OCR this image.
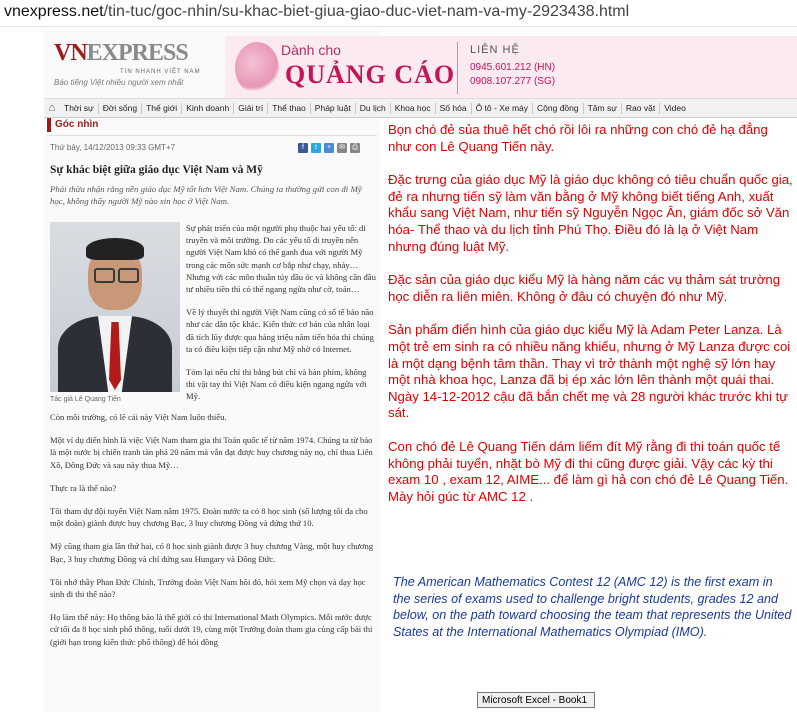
vnexpress.net/tin-tuc/goc-nhin/su-khac-biet-giua-giao-duc-viet-nam-va-my-2923438.html
VNEXPRESS
TIN NHANH VIỆT NAM
Báo tiếng Việt nhiều người xem nhất
Dành cho
QUẢNG CÁO
LIÊN HỆ
0945.601.212 (HN)
0908.107.277 (SG)
⌂	Thời sự	Đời sống	Thế giới	Kinh doanh	Giải trí	Thể thao	Pháp luật	Du lịch	Khoa học	Số hóa	Ô tô - Xe máy	Cộng đồng	Tâm sự	Rao vặt	Video
Góc nhìn
Thứ bảy, 14/12/2013 09:33 GMT+7	f	t	+	✉	⎙
Sự khác biệt giữa giáo dục Việt Nam và Mỹ
Phải thừa nhận rằng nền giáo dục Mỹ tốt hơn Việt Nam. Chúng ta thường gửi con đi Mỹ học, không thấy người Mỹ nào xin học ở Việt Nam.
Tác giả Lê Quang Tiến

Sự phát triển của một người phụ thuộc hai yếu tố: di truyền và môi trường. Do các yếu tố di truyền nên người Việt Nam khó có thể ganh đua với người Mỹ trong các môn sức mạnh cơ bắp như chạy, nhảy… Nhưng với các môn thuần túy đầu óc và không cần đầu tư nhiều tiền thì có thể ngang ngửa như cờ, toán…

Về lý thuyết thì người Việt Nam cũng có số tế bào não như các dân tộc khác. Kiến thức cơ bản của nhân loại đã tích lũy được qua hàng triệu năm tiến hóa thì chúng ta có điều kiện tiếp cận như Mỹ nhờ có Internet.

Tóm lại nếu chỉ thi bằng bút chì và bàn phím, không thi vật tay thì Việt Nam có điều kiện ngang ngửa với Mỹ.

Còn môi trường, có lẽ cái này Việt Nam luôn thiếu.

Một ví dụ điển hình là việc Việt Nam tham gia thi Toán quốc tế từ năm 1974. Chúng ta từ bảo là một nước bị chiến tranh tàn phá 20 năm mà vẫn đạt được huy chương này nọ, chỉ thua Liên Xô, Đông Đức và sau này thua Mỹ…

Thực ra là thế nào?

Tôi tham dự đội tuyển Việt Nam năm 1975. Đoàn nước ta có 8 học sinh (số lượng tối đa cho một đoàn) giành được huy chương Bạc, 3 huy chương Đồng và đứng thứ 10.

Mỹ cũng tham gia lần thứ hai, có 8 học sinh giành được 3 huy chương Vàng, một huy chương Bạc, 3 huy chương Đồng và chỉ đứng sau Hungary và Đông Đức.

Tôi nhớ thầy Phan Đức Chính, Trưởng đoàn Việt Nam hồi đó, hỏi xem Mỹ chọn và dạy học sinh đi thi thế nào?

Họ làm thế này: Họ thông báo là thế giới có thi International Math Olympics. Mỗi nước được cử tối đa 8 học sinh phổ thông, tuổi dưới 19, cùng một Trưởng đoàn tham gia cùng cấp bài thi (giới hạn trong kiến thức phổ thông) để hỏi đồng

Bọn chó đẻ sủa thuê hết chó rồi lôi ra những con chó đẻ hạ đẳng như con Lê Quang Tiến này.

Đặc trưng của giáo dục Mỹ là giáo dục không có tiêu chuẩn quốc gia, đẻ ra nhưng tiến sỹ làm văn bằng ở Mỹ không biết tiếng Anh, xuất khẩu sang Việt Nam, như tiến sỹ Nguyễn Ngọc Ân, giám đốc sở Văn hóa- Thể thao và du lịch tỉnh Phú Thọ. Điều đó là lạ ở Việt Nam nhưng đúng luật Mỹ.

Đặc sản của giáo dục kiểu Mỹ là hàng năm các vụ thảm sát trường học diễn ra liên miên. Không ở đâu có chuyện đó như Mỹ.

Sản phẩm điển hình của giáo dục kiểu Mỹ là Adam Peter Lanza. Là một trẻ em sinh ra có nhiều năng khiếu, nhưng ở Mỹ Lanza được coi là một dạng bệnh tâm thần. Thay vì trở thành một nghệ sỹ lớn hay một nhà khoa học, Lanza đã bị ép xác lớn lên thành một quái thai. Ngày 14-12-2012 cậu đã bắn chết mẹ và 28 người khác trước khi tự sát.

Con chó đẻ Lê Quang Tiến dám liếm đít Mỹ rằng đi thi toán quốc tế không phải tuyển, nhặt bò Mỹ đi thi cũng được giải. Vậy các kỳ thi exam 10 , exam 12, AIME... để làm gì hả con chó đẻ Lê Quang Tiến. Mày hỏi gúc từ AMC 12 .

The American Mathematics Contest 12 (AMC 12) is the first exam in the series of exams used to challenge bright students, grades 12 and below, on the path toward choosing the team that represents the United States at the International Mathematics Olympiad (IMO).

Microsoft Excel - Book1
